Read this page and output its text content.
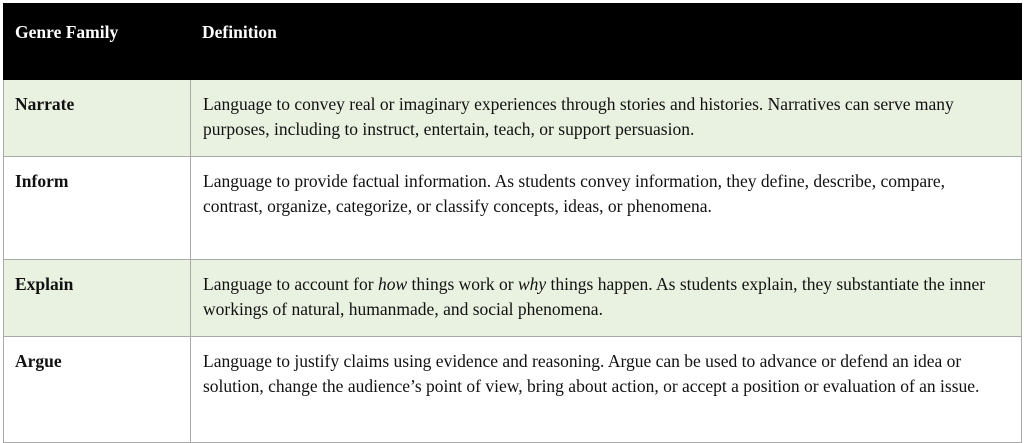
Genre Family	Definition
Narrate	Language to convey real or imaginary experiences through stories and histories. Narratives can serve many purposes, including to instruct, entertain, teach, or support persuasion.
Inform	Language to provide factual information. As students convey information, they define, describe, compare, contrast, organize, categorize, or classify concepts, ideas, or phenomena.
Explain	Language to account for how things work or why things happen. As students explain, they substantiate the inner workings of natural, humanmade, and social phenomena.
Argue	Language to justify claims using evidence and reasoning. Argue can be used to advance or defend an idea or solution, change the audience’s point of view, bring about action, or accept a position or evaluation of an issue.
